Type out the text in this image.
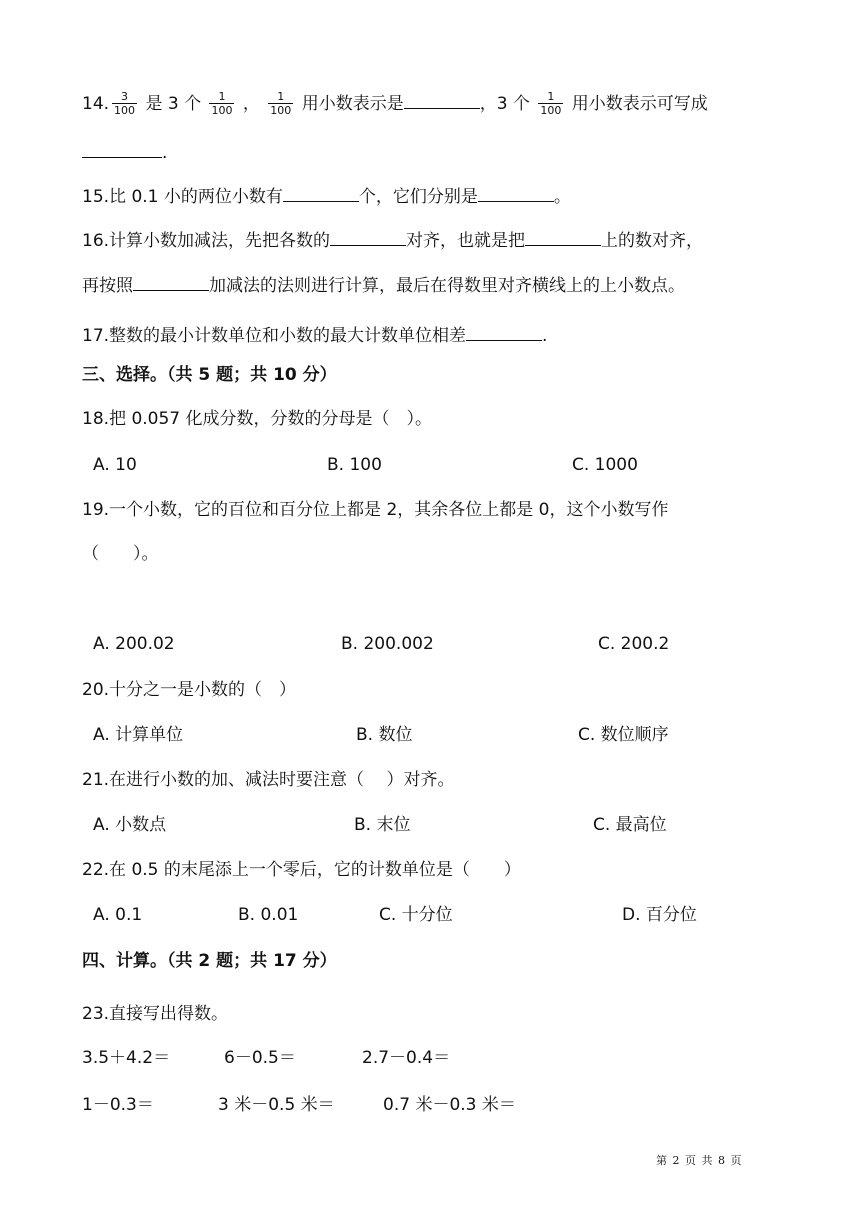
14. $\frac{3}{100}$ 是 3 个 $\frac{1}{100}$ ， $\frac{1}{100}$ 用小数表示是	，3 个 $\frac{1}{100}$ 用小数表示可写成
.
15.比 0.1 小的两位小数有	个，它们分别是	。
16.计算小数加减法，先把各数的	对齐，也就是把	上的数对齐，
再按照	加减法的法则进行计算，最后在得数里对齐横线上的上小数点。
17.整数的最小计数单位和小数的最大计数单位相差	.
三、选择。（共 5 题；共 10 分）
18.把 0.057 化成分数，分数的分母是（　）。
A. 10	B. 100	C. 1000
19.一个小数，它的百位和百分位上都是 2，其余各位上都是 0，这个小数写作
（　　）。
A. 200.02	B. 200.002	C. 200.2
20.十分之一是小数的（　）
A. 计算单位	B. 数位	C. 数位顺序
21.在进行小数的加、减法时要注意（　 ）对齐。
A. 小数点	B. 末位	C. 最高位
22.在 0.5 的末尾添上一个零后，它的计数单位是（　　）
A. 0.1	B. 0.01	C. 十分位	D. 百分位
四、计算。（共 2 题；共 17 分）
23.直接写出得数。
3.5＋4.2＝	6－0.5＝	2.7－0.4＝
1－0.3＝	3 米－0.5 米＝	0.7 米－0.3 米＝
第 2 页 共 8 页
